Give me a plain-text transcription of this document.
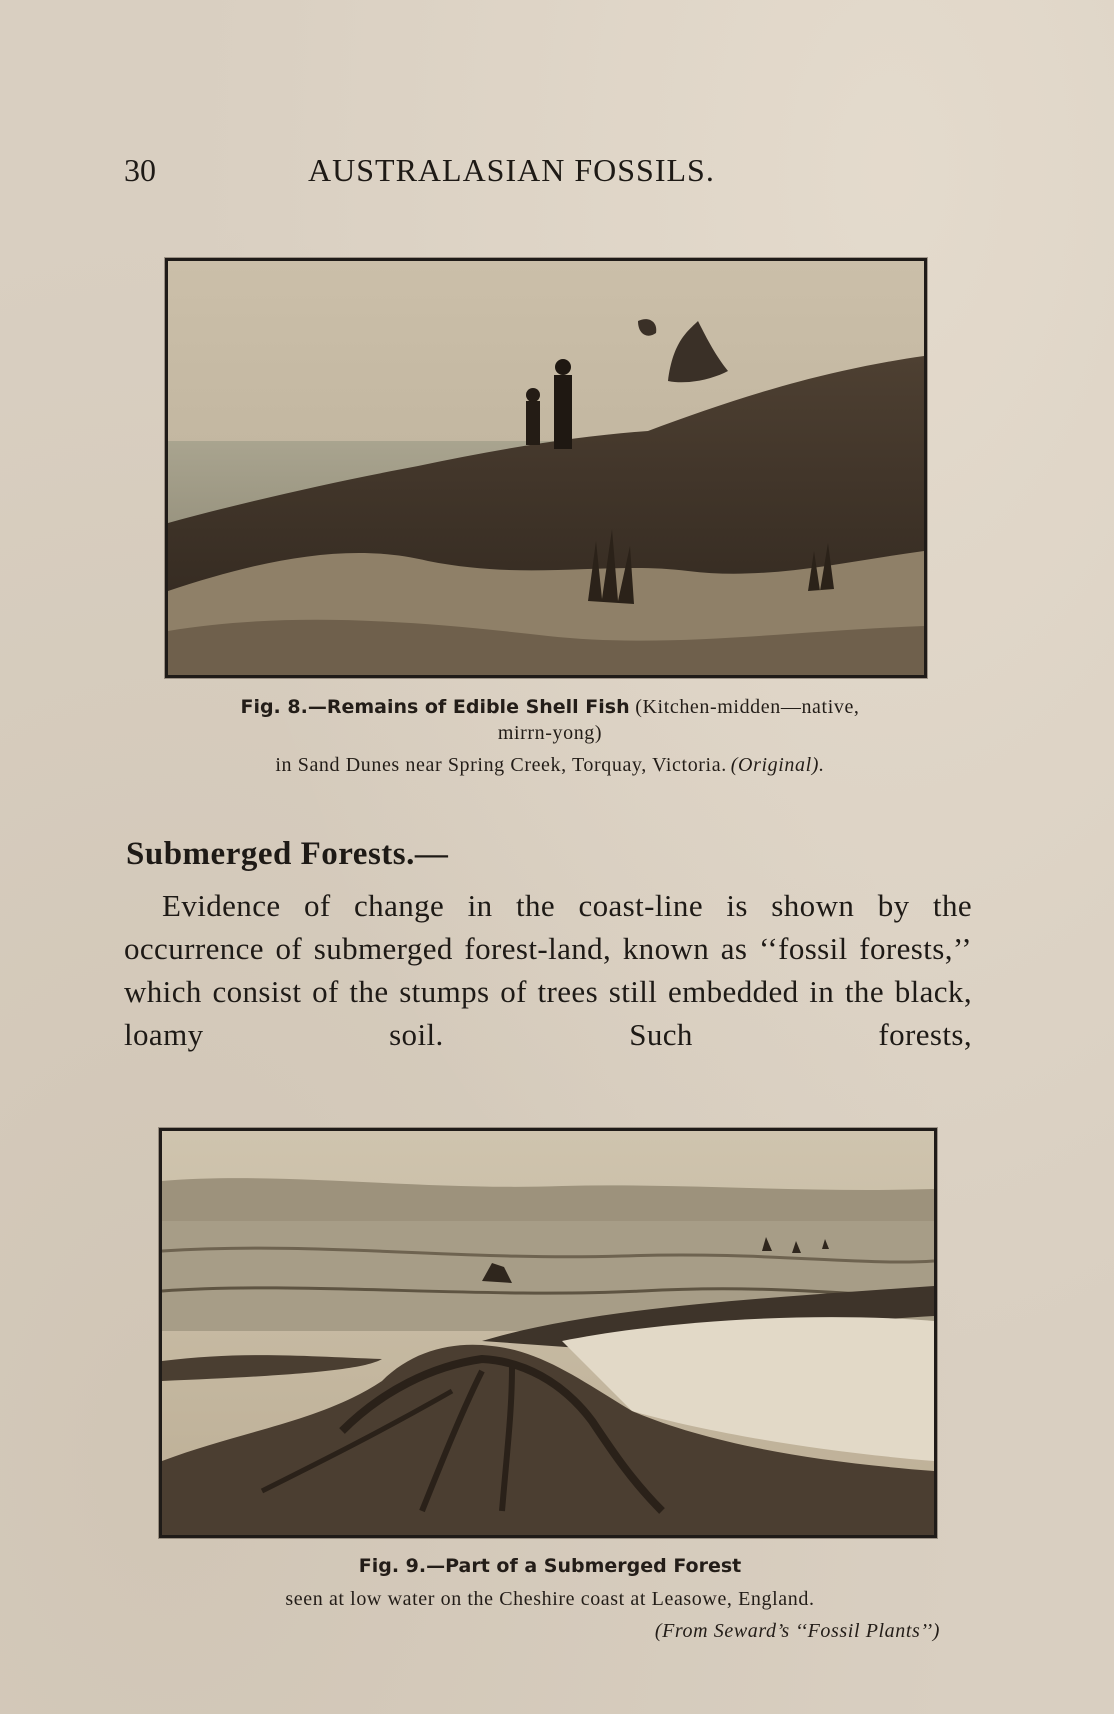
30	AUSTRALASIAN FOSSILS.
Fig. 8.—Remains of Edible Shell Fish (Kitchen-midden—native,
mirrn-yong)
in Sand Dunes near Spring Creek, Torquay, Victoria. (Original).
Submerged Forests.—

Evidence of change in the coast-line is shown by the occurrence of submerged forest-land, known as ‘‘fossil forests,’’ which consist of the stumps of trees still embedded in the black, loamy soil. Such forests,

Fig. 9.—Part of a Submerged Forest
seen at low water on the Cheshire coast at Leasowe, England.
(From Seward’s ‘‘Fossil Plants’’)
